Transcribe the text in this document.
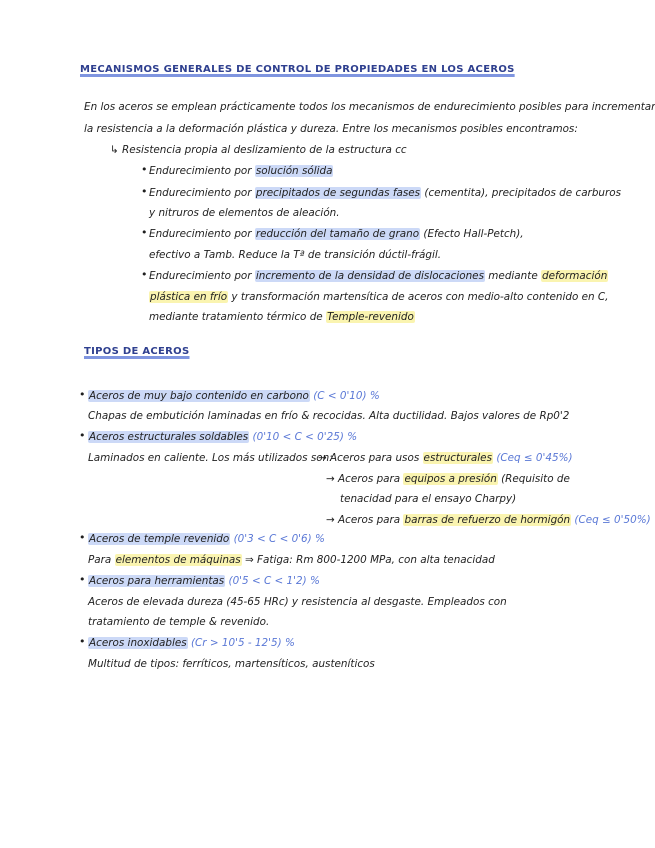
MECANISMOS GENERALES DE CONTROL DE PROPIEDADES EN LOS ACEROS
En los aceros se emplean prácticamente todos los mecanismos de endurecimiento posibles para incrementar
la resistencia a la deformación plástica y dureza. Entre los mecanismos posibles encontramos:
↳ Resistencia propia al deslizamiento de la estructura cc
• Endurecimiento por solución sólida
• Endurecimiento por precipitados de segundas fases (cementita), precipitados de carburos
y nitruros de elementos de aleación.
• Endurecimiento por reducción del tamaño de grano (Efecto Hall-Petch),
efectivo a Tamb. Reduce la Tª de transición dúctil-frágil.
• Endurecimiento por incremento de la densidad de dislocaciones mediante deformación
plástica en frío y transformación martensítica de aceros con medio-alto contenido en C,
mediante tratamiento térmico de Temple-revenido
TIPOS DE ACEROS
• Aceros de muy bajo contenido en carbono (C < 0'10) %
Chapas de embutición laminadas en frío & recocidas. Alta ductilidad. Bajos valores de Rp0'2
• Aceros estructurales soldables (0'10 < C < 0'25) %
Laminados en caliente. Los más utilizados son:
→ Aceros para usos estructurales (Ceq ≤ 0'45%)
→ Aceros para equipos a presión (Requisito de
tenacidad para el ensayo Charpy)
→ Aceros para barras de refuerzo de hormigón (Ceq ≤ 0'50%)
• Aceros de temple revenido (0'3 < C < 0'6) %
Para elementos de máquinas ⇒ Fatiga: Rm 800-1200 MPa, con alta tenacidad
• Aceros para herramientas (0'5 < C < 1'2) %
Aceros de elevada dureza (45-65 HRc) y resistencia al desgaste. Empleados con
tratamiento de temple & revenido.
• Aceros inoxidables (Cr > 10'5 - 12'5) %
Multitud de tipos: ferríticos, martensíticos, austeníticos
